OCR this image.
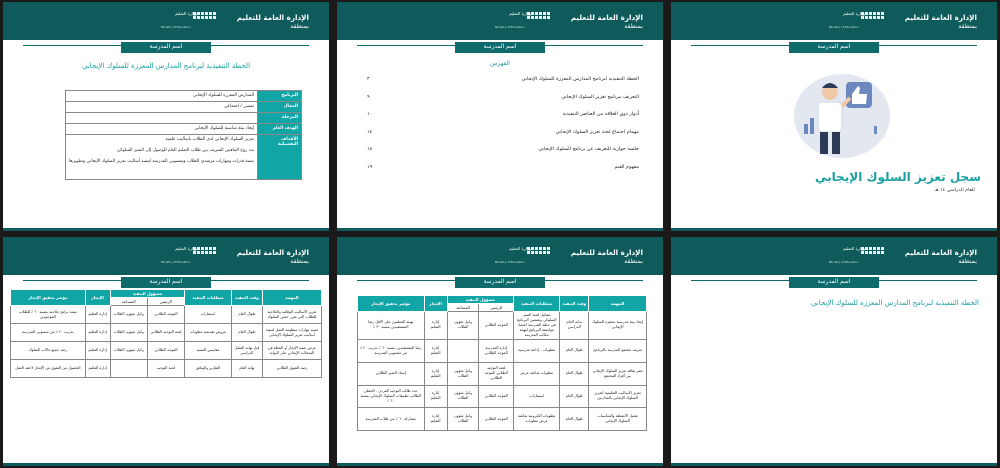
وزارة التعليم
Ministry of Education
الإدارة العامة للتعليم
بمنطقة
اسم المدرسة
سجل تعزيز السلوك الإيجابي
للعام الدراسي ١٤ هـ
وزارة التعليم
Ministry of Education
الإدارة العامة للتعليم
بمنطقة
اسم المدرسة
الفهرس
الخطة التنفيذية لبرنامج المدارس المعززة للسلوك الإيجابي
٣
التعريف ببرنامج تعزيز السلوك الإيجابي
٩
أدوار ذوي العلاقة من العناصر التنفيذية
١٠
مهمام اجتماع لجنة تعزيز السلوك الإيجابي
١٤
جلسة حوارية للتعريف عن برنامج السلوك الإيجابي
١٨
مفهوم القيم
١٩
وزارة التعليم
Ministry of Education
الإدارة العامة للتعليم
بمنطقة
اسم المدرسة
الخطة التنفيذية لبرنامج المدارس المعززة للسلوك الإيجابي
البرنامج	المدارس المعززة للسلوك الإيجابي
المجال	نفسي / اجتماعي
المرحلة	
الهدف العام	إيجاد بيئة مناسبة للسلوك الإيجابي
الأهداف التفصيلية	تعزيز السلوك الإيجابي لدى الطلاب بأساليب علمية
بث روح التنافس الشريف بين طلاب التعليم العام للوصول إلى التميز السلوكي
تنمية قدرات ومهارات مرشدي الطلاب ومنسوبي المدرسة لتنفيذ أساليب تعزيز السلوك الإيجابي وتطويرها
وزارة التعليم
Ministry of Education
الإدارة العامة للتعليم
بمنطقة
اسم المدرسة
الخطة التنفيذية لبرنامج المدارس المعززة للسلوك الإيجابي
وزارة التعليم
Ministry of Education
الإدارة العامة للتعليم
بمنطقة
اسم المدرسة
المهمة	وقت التنفيذ	متطلبات التنفيذ	مسؤول التنفيذ		الإنجاز	مؤشر تحقيق الإنجاز
			الرئيس	المساعد		
إيجاد بيئة مدرسية محفزة للسلوك الإيجابي	بداية العام الدراسي	تشكيل لجنة التميز السلوكي وتضمين البرنامج في خطة المدرسة اعتماد مواصفة البرنامج لتهيئة مكاتب المدرسة	الموجه الطلابي	وكيل شؤون الطلاب	إدارة التعليم	تهيئة المعلمين على الأقل رضا المستفيدين بنسبة ٣٠ ٪
تعريف مجتمع المدرسة بالبرنامج	طوال العام	مطويات - إذاعة مدرسية	إدارة المدرسة الموجه الطلابي		إدارة التعليم	رضا المستفيدين بنسبة ٦٠ ٪ تدريب ٢٠ ٪ من منسوبي المدرسة
نشر ثقافة تعزيز السلوك الإيجابي بين أفراد المجتمع	طوال العام	مطويات شاشة عرض	لجنة التوجيه الطلابي الموجه الطلابي	وكيل شؤون الطلاب	إدارة التعليم	إسناد التميز الطلابي
تعزيز الأساليب التعليمية لتعزيز السلوك الإيجابي بالمدارس	طوال العام	استمارات	الموجه الطلابي	وكيل شؤون الطلاب	إدارة التعليم	عدد طالب التوجيه الفردي - الحقلي الطالب تطبيقات السلوك الإيجابي بنسبة ٦٠ ٪
تفعيل الأنشطة والمناسبات السلوك الإيجابي	طوال العام	مطويات الكترونية شاشة عرض مطويات	الموجه الطلابي	وكيل شؤون الطلاب	إدارة التعليم	مشاركة ٦٠ ٪ من طلاب المدرسة
وزارة التعليم
Ministry of Education
الإدارة العامة للتعليم
بمنطقة
اسم المدرسة
المهمة	وقت التنفيذ	متطلبات التنفيذ	مسؤول التنفيذ		الإنجاز	مؤشر تحقيق الإنجاز
			الرئيس	المساعد		
تعزيز الأساليب الوقائية والعلاجية للطلاب التي تعزز حسن السلوك	طوال العام	استمارات	الموجه الطلابي	وكيل شؤون الطلاب	إدارة التعليم	تنفيذ برامج علاجية بنسبة ٦٠ ٪ للطلاب الموجودين
تنمية مهارات منظومة العمل لتنفيذ أساليب تعزيز السلوك الإيجابي	طوال العام	عروض تقديمية مطويات	لجنة التوجيه الطلابي	وكيل شؤون الطلاب	إدارة التعليم	تدريب ٢٠ ٪ من منسوبي المدرسة
عرض نسبة الإنجاز أو الخطة في السجلات الإيجابي على البوابة	قبل نهاية الفصل الدراسي	مقاييس النسبة	الموجه الطلابي	وكيل شؤون الطلاب	إدارة التعليم	رصد جميع حالات السلوك
رصد التفوق الطلابي	نهاية العام	التقارير والوثائق	لجنة التوجيه		إدارة التعليم	الحصول من التفوق من الإنجاز لاحقه العمل
